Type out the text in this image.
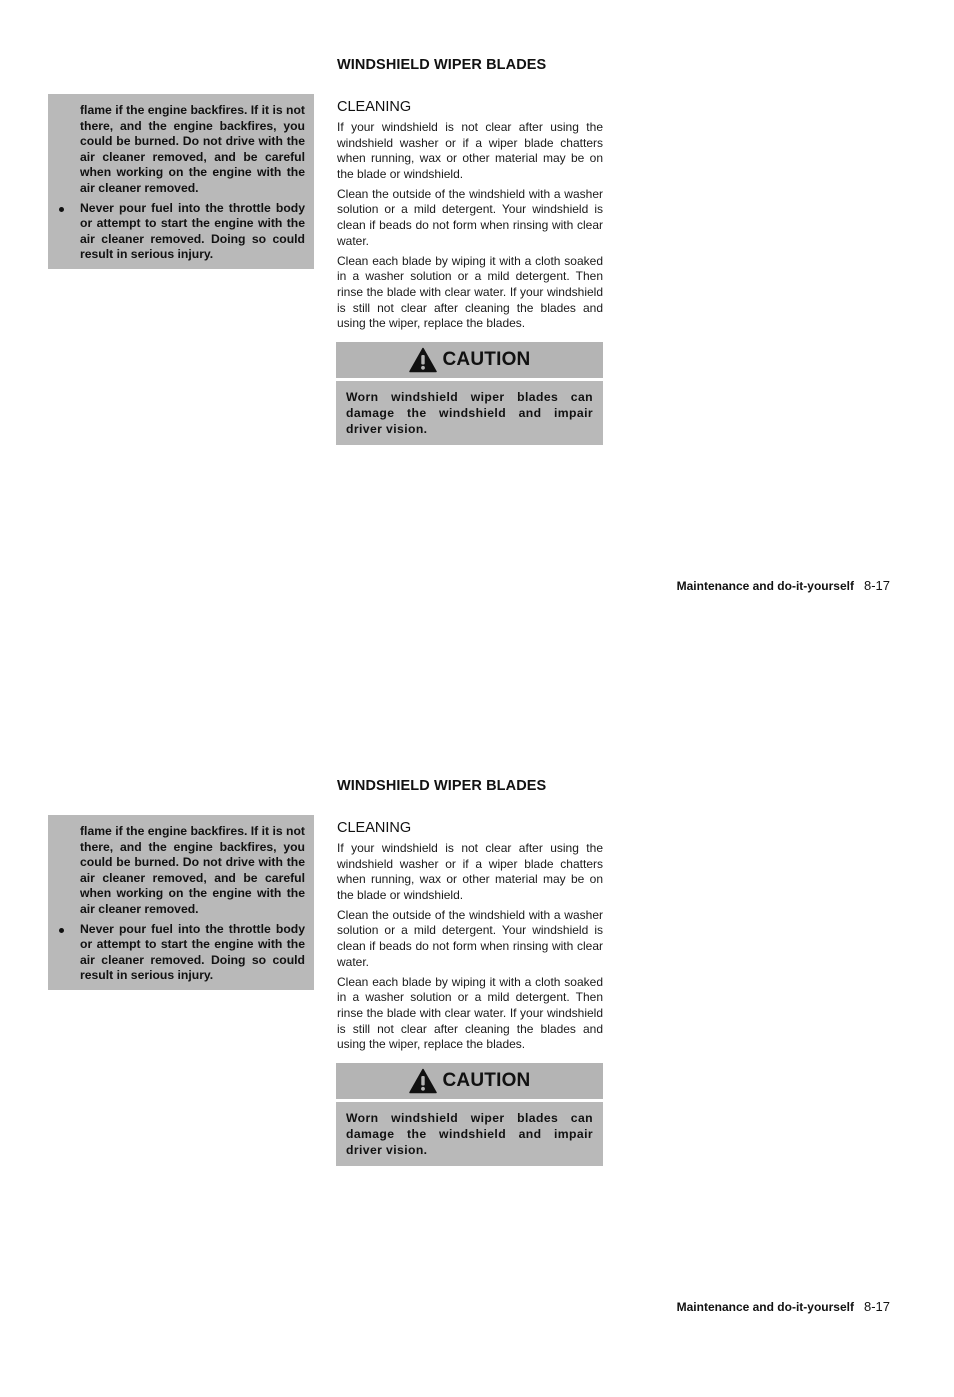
flame if the engine backfires. If it is not there, and the engine backfires, you could be burned. Do not drive with the air cleaner removed, and be careful when working on the engine with the air cleaner removed.

Never pour fuel into the throttle body or attempt to start the engine with the air cleaner removed. Doing so could result in serious injury.

WINDSHIELD WIPER BLADES
CLEANING

If your windshield is not clear after using the windshield washer or if a wiper blade chatters when running, wax or other material may be on the blade or windshield.

Clean the outside of the windshield with a washer solution or a mild detergent. Your windshield is clean if beads do not form when rinsing with clear water.

Clean each blade by wiping it with a cloth soaked in a washer solution or a mild detergent. Then rinse the blade with clear water. If your windshield is still not clear after cleaning the blades and using the wiper, replace the blades.

CAUTION
Worn windshield wiper blades can damage the windshield and impair driver vision.
Maintenance and do-it-yourself 8-17

flame if the engine backfires. If it is not there, and the engine backfires, you could be burned. Do not drive with the air cleaner removed, and be careful when working on the engine with the air cleaner removed.

Never pour fuel into the throttle body or attempt to start the engine with the air cleaner removed. Doing so could result in serious injury.

WINDSHIELD WIPER BLADES
CLEANING

If your windshield is not clear after using the windshield washer or if a wiper blade chatters when running, wax or other material may be on the blade or windshield.

Clean the outside of the windshield with a washer solution or a mild detergent. Your windshield is clean if beads do not form when rinsing with clear water.

Clean each blade by wiping it with a cloth soaked in a washer solution or a mild detergent. Then rinse the blade with clear water. If your windshield is still not clear after cleaning the blades and using the wiper, replace the blades.

CAUTION
Worn windshield wiper blades can damage the windshield and impair driver vision.
Maintenance and do-it-yourself 8-17
